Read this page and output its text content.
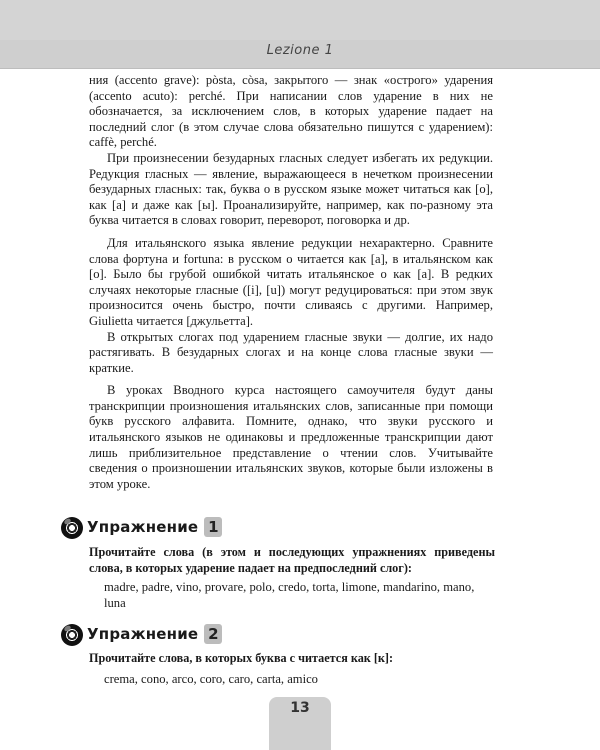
Lezione 1

ния (accento grave): pòsta, còsa, закрытого — знак «острого» ударения (accento acuto): perché. При написании слов ударение в них не обозначается, за исключением слов, в которых ударение падает на последний слог (в этом случае слова обязательно пишутся с ударением): caffè, perché.

При произнесении безударных гласных следует избегать их редукции. Редукция гласных — явление, выражающееся в нечетком произнесении безударных гласных: так, буква о в русском языке может читаться как [о], как [а] и даже как [ы]. Проанализируйте, например, как по-разному эта буква читается в словах говорит, переворот, поговорка и др.

Для итальянского языка явление редукции нехарактерно. Сравните слова фортуна и fortuna: в русском о читается как [а], в итальянском как [о]. Было бы грубой ошибкой читать итальянское о как [а]. В редких случаях некоторые гласные ([i], [u]) могут редуцироваться: при этом звук произносится очень быстро, почти сливаясь с другими. Например, Giulietta читается [джульетта].

В открытых слогах под ударением гласные звуки — долгие, их надо растягивать. В безударных слогах и на конце слова гласные звуки — краткие.

В уроках Вводного курса настоящего самоучителя будут даны транскрипции произношения итальянских слов, записанные при помощи букв русского алфавита. Помните, однако, что звуки русского и итальянского языков не одинаковы и предложенные транскрипции дают лишь приблизительное представление о чтении слов. Учитывайте сведения о произношении итальянских звуков, которые были изложены в этом уроке.

Упражнение 1
Прочитайте слова (в этом и последующих упражнениях приведены слова, в которых ударение падает на предпоследний слог):
madre, padre, vino, provare, polo, credo, torta, limone, mandarino, mano, luna
Упражнение 2
Прочитайте слова, в которых буква c читается как [к]:
crema, cono, arco, coro, caro, carta, amico
13
